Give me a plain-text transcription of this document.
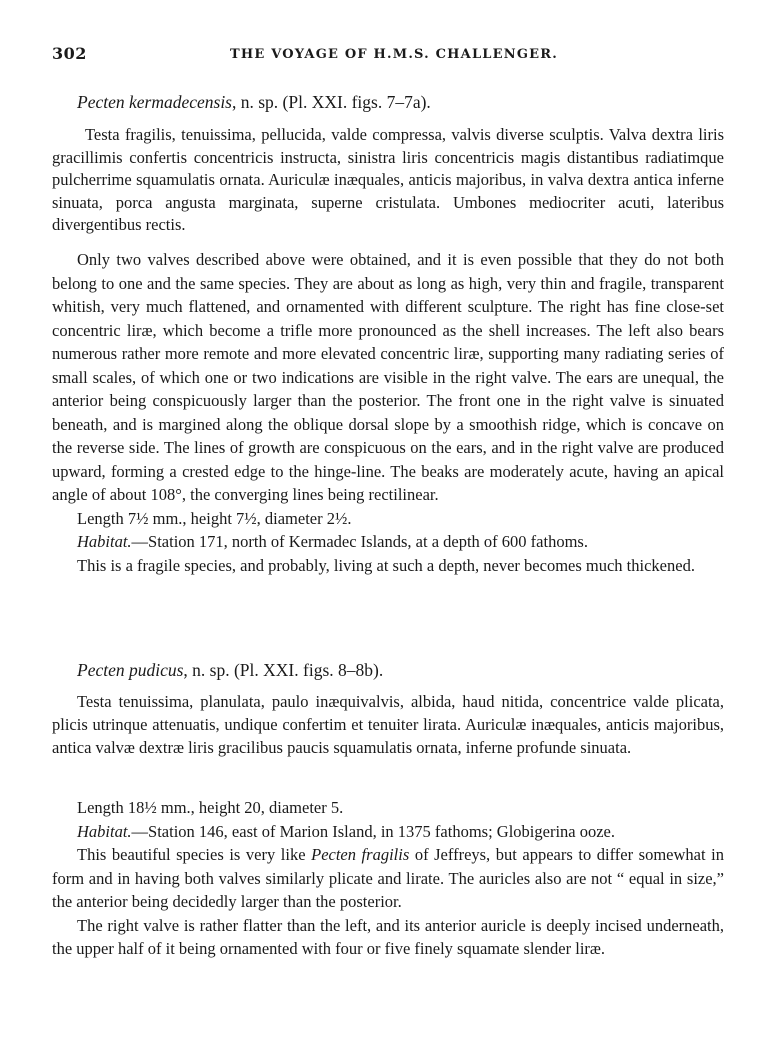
302	THE VOYAGE OF H.M.S. CHALLENGER.
Pecten kermadecensis, n. sp. (Pl. XXI. figs. 7–7a).

Testa fragilis, tenuissima, pellucida, valde compressa, valvis diverse sculptis. Valva dextra liris gracillimis confertis concentricis instructa, sinistra liris concentricis magis distantibus radiatimque pulcherrime squamulatis ornata. Auriculæ inæquales, anticis majoribus, in valva dextra antica inferne sinuata, porca angusta marginata, superne cristulata. Umbones mediocriter acuti, lateribus divergentibus rectis.

Only two valves described above were obtained, and it is even possible that they do not both belong to one and the same species. They are about as long as high, very thin and fragile, transparent whitish, very much flattened, and ornamented with different sculpture. The right has fine close-set concentric liræ, which become a trifle more pronounced as the shell increases. The left also bears numerous rather more remote and more elevated concentric liræ, supporting many radiating series of small scales, of which one or two indications are visible in the right valve. The ears are unequal, the anterior being conspicuously larger than the posterior. The front one in the right valve is sinuated beneath, and is margined along the oblique dorsal slope by a smoothish ridge, which is concave on the reverse side. The lines of growth are conspicuous on the ears, and in the right valve are produced upward, forming a crested edge to the hinge-line. The beaks are moderately acute, having an apical angle of about 108°, the converging lines being rectilinear.

Length 7½ mm., height 7½, diameter 2½.

Habitat.—Station 171, north of Kermadec Islands, at a depth of 600 fathoms.

This is a fragile species, and probably, living at such a depth, never becomes much thickened.

Pecten pudicus, n. sp. (Pl. XXI. figs. 8–8b).

Testa tenuissima, planulata, paulo inæquivalvis, albida, haud nitida, concentrice valde plicata, plicis utrinque attenuatis, undique confertim et tenuiter lirata. Auriculæ inæquales, anticis majoribus, antica valvæ dextræ liris gracilibus paucis squamulatis ornata, inferne profunde sinuata.

Length 18½ mm., height 20, diameter 5.

Habitat.—Station 146, east of Marion Island, in 1375 fathoms; Globigerina ooze.

This beautiful species is very like Pecten fragilis of Jeffreys, but appears to differ somewhat in form and in having both valves similarly plicate and lirate. The auricles also are not “ equal in size,” the anterior being decidedly larger than the posterior.

The right valve is rather flatter than the left, and its anterior auricle is deeply incised underneath, the upper half of it being ornamented with four or five finely squamate slender liræ.
